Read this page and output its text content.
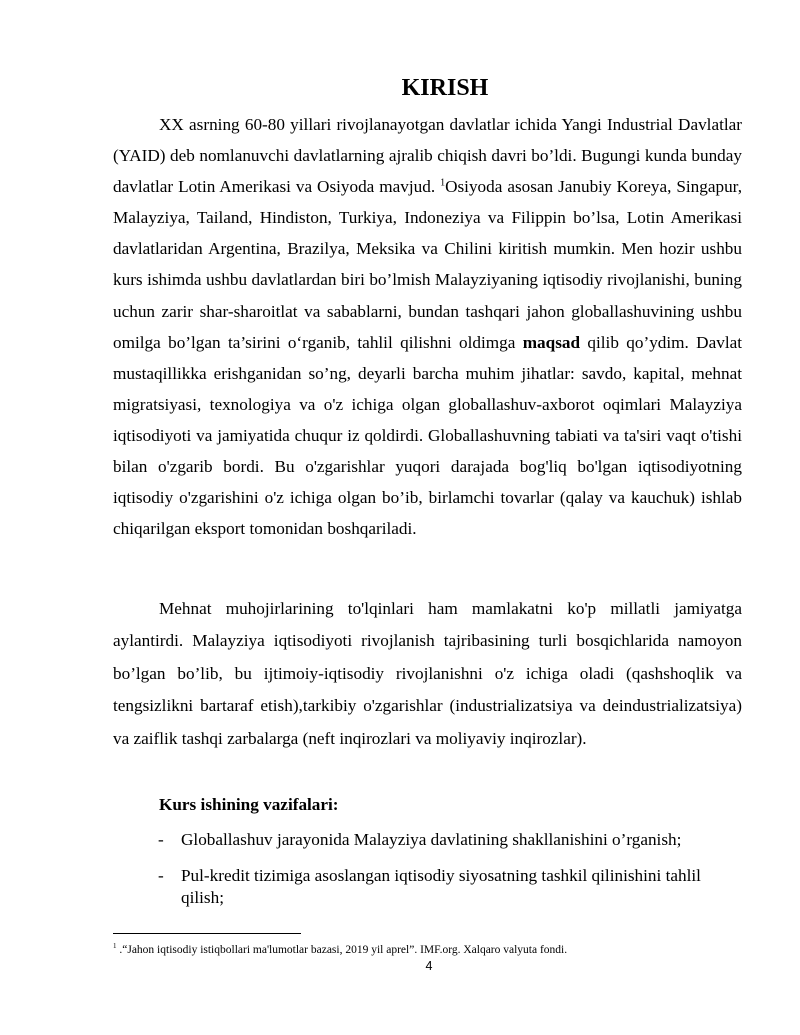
KIRISH

XX asrning 60-80 yillari rivojlanayotgan davlatlar ichida Yangi Industrial Davlatlar (YAID) deb nomlanuvchi davlatlarning ajralib chiqish davri bo’ldi. Bugungi kunda bunday davlatlar Lotin Amerikasi va Osiyoda mavjud. $^1$Osiyoda asosan Janubiy Koreya, Singapur, Malayziya, Tailand, Hindiston, Turkiya, Indoneziya va Filippin bo’lsa, Lotin Amerikasi davlatlaridan Argentina, Brazilya, Meksika va Chilini kiritish mumkin. Men hozir ushbu kurs ishimda ushbu davlatlardan biri bo’lmish Malayziyaning iqtisodiy rivojlanishi, buning uchun zarir shar-sharoitlat va sabablarni, bundan tashqari jahon globallashuvining ushbu omilga bo’lgan ta’sirini oʻrganib, tahlil qilishni oldimga maqsad qilib qo’ydim. Davlat mustaqillikka erishganidan so’ng, deyarli barcha muhim jihatlar: savdo, kapital, mehnat migratsiyasi, texnologiya va o'z ichiga olgan globallashuv-axborot oqimlari Malayziya iqtisodiyoti va jamiyatida chuqur iz qoldirdi. Globallashuvning tabiati va ta'siri vaqt o'tishi bilan o'zgarib bordi. Bu o'zgarishlar yuqori darajada bog'liq bo'lgan iqtisodiyotning iqtisodiy o'zgarishini o'z ichiga olgan bo’ib, birlamchi tovarlar (qalay va kauchuk) ishlab chiqarilgan eksport tomonidan boshqariladi.

Mehnat muhojirlarining to'lqinlari ham mamlakatni ko'p millatli jamiyatga aylantirdi. Malayziya iqtisodiyoti rivojlanish tajribasining turli bosqichlarida namoyon bo’lgan bo’lib, bu ijtimoiy-iqtisodiy rivojlanishni o'z ichiga oladi (qashshoqlik va tengsizlikni bartaraf etish),tarkibiy o'zgarishlar (industrializatsiya va deindustrializatsiya) va zaiflik tashqi zarbalarga (neft inqirozlari va moliyaviy inqirozlar).

Kurs ishining vazifalari:

- Globallashuv jarayonida Malayziya davlatining shakllanishini o’rganish;
- Pul-kredit tizimiga asoslangan iqtisodiy siyosatning tashkil qilinishini tahlil qilish;

$^1$ .“Jahon iqtisodiy istiqbollari ma'lumotlar bazasi, 2019 yil aprel”. IMF.org. Xalqaro valyuta fondi.

4
